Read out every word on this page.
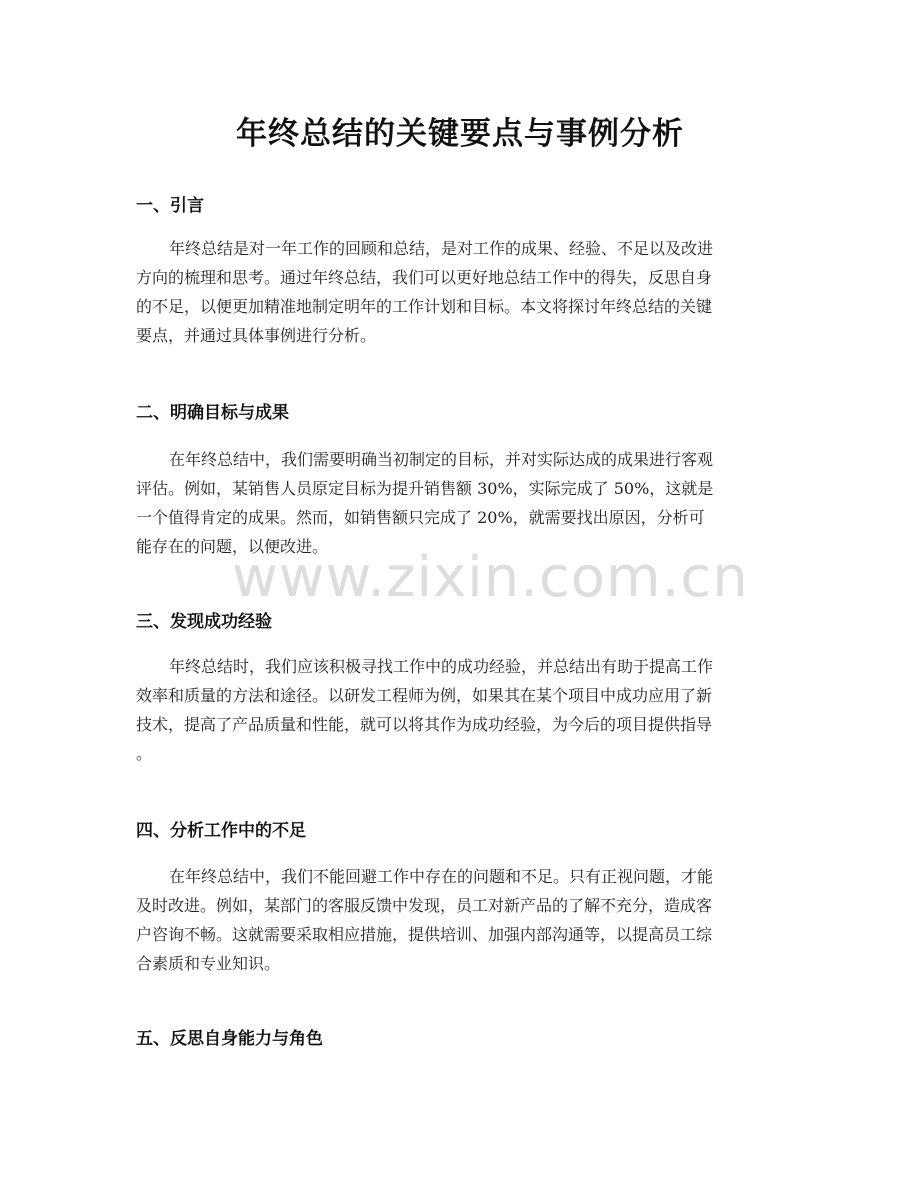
年终总结的关键要点与事例分析
www.zixin.com.cn
一、引言
年终总结是对一年工作的回顾和总结，是对工作的成果、经验、不足以及改进
方向的梳理和思考。通过年终总结，我们可以更好地总结工作中的得失，反思自身
的不足，以便更加精准地制定明年的工作计划和目标。本文将探讨年终总结的关键
要点，并通过具体事例进行分析。
二、明确目标与成果
在年终总结中，我们需要明确当初制定的目标，并对实际达成的成果进行客观
评估。例如，某销售人员原定目标为提升销售额 30%，实际完成了 50%，这就是
一个值得肯定的成果。然而，如销售额只完成了 20%，就需要找出原因，分析可
能存在的问题，以便改进。
三、发现成功经验
年终总结时，我们应该积极寻找工作中的成功经验，并总结出有助于提高工作
效率和质量的方法和途径。以研发工程师为例，如果其在某个项目中成功应用了新
技术，提高了产品质量和性能，就可以将其作为成功经验，为今后的项目提供指导
。
四、分析工作中的不足
在年终总结中，我们不能回避工作中存在的问题和不足。只有正视问题，才能
及时改进。例如，某部门的客服反馈中发现，员工对新产品的了解不充分，造成客
户咨询不畅。这就需要采取相应措施，提供培训、加强内部沟通等，以提高员工综
合素质和专业知识。
五、反思自身能力与角色
